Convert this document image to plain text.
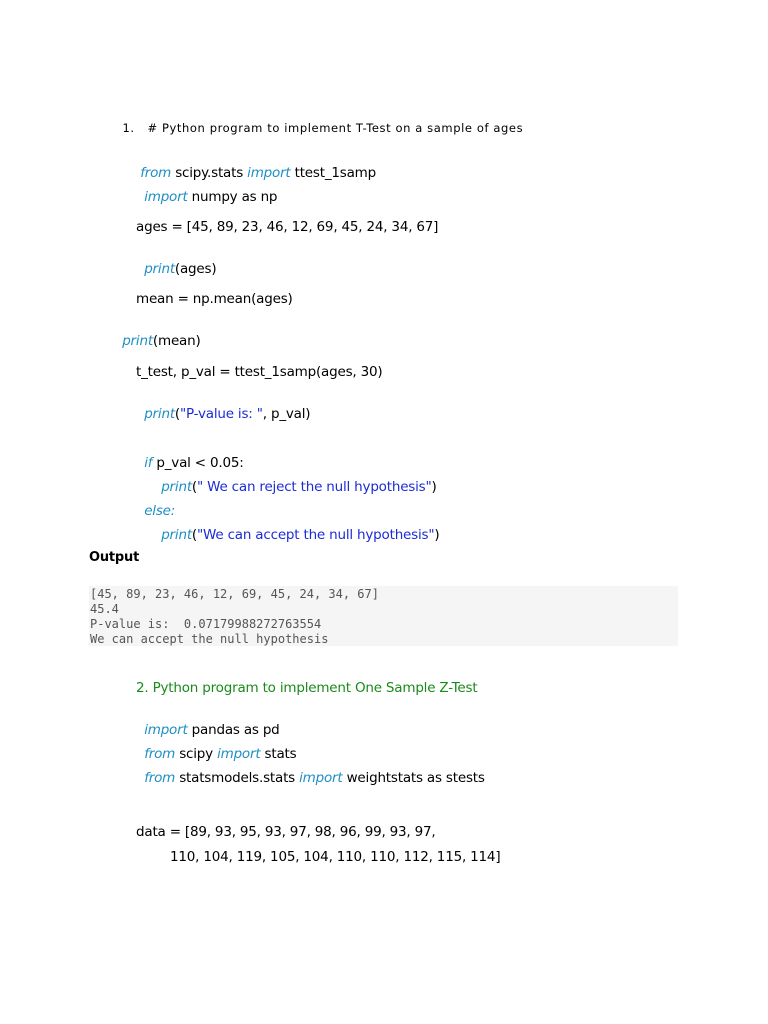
1. # Python program to implement T-Test on a sample of ages

from scipy.stats import ttest_1samp

import numpy as np

ages = [45, 89, 23, 46, 12, 69, 45, 24, 34, 67]

print(ages)

mean = np.mean(ages)

print(mean)

t_test, p_val = ttest_1samp(ages, 30)

print("P-value is: ", p_val)

if p_val < 0.05:

print(" We can reject the null hypothesis")

else:

print("We can accept the null hypothesis")

Output
[45, 89, 23, 46, 12, 69, 45, 24, 34, 67]
45.4
P-value is:  0.07179988272763554
We can accept the null hypothesis
2. Python program to implement One Sample Z-Test

import pandas as pd

from scipy import stats

from statsmodels.stats import weightstats as stests

data = [89, 93, 95, 93, 97, 98, 96, 99, 93, 97,
110, 104, 119, 105, 104, 110, 110, 112, 115, 114]
